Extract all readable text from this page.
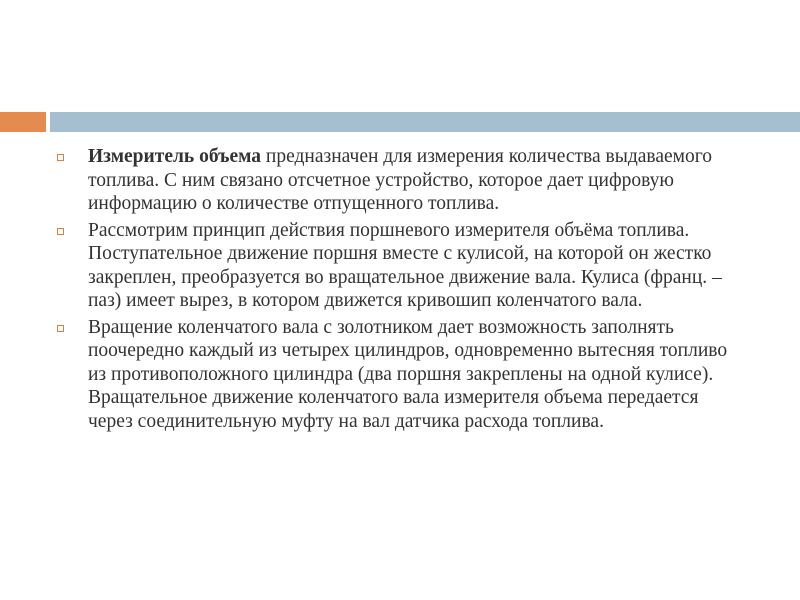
Измеритель объема предназначен для измерения количества выдаваемого топлива. С ним связано отсчетное устройство, которое дает цифровую информацию о количестве отпущенного топлива.
Рассмотрим принцип действия поршневого измерителя объёма топлива. Поступательное движение поршня вместе с кулисой, на которой он жестко закреплен, преобразуется во вращательное движение вала. Кулиса (франц. – паз) имеет вырез, в котором движется кривошип коленчатого вала.
Вращение коленчатого вала с золотником дает возможность заполнять поочередно каждый из четырех цилиндров, одновременно вытесняя топливо из противоположного цилиндра (два поршня закреплены на одной кулисе). Вращательное движение коленчатого вала измерителя объема передается через соединительную муфту на вал датчика расхода топлива.
